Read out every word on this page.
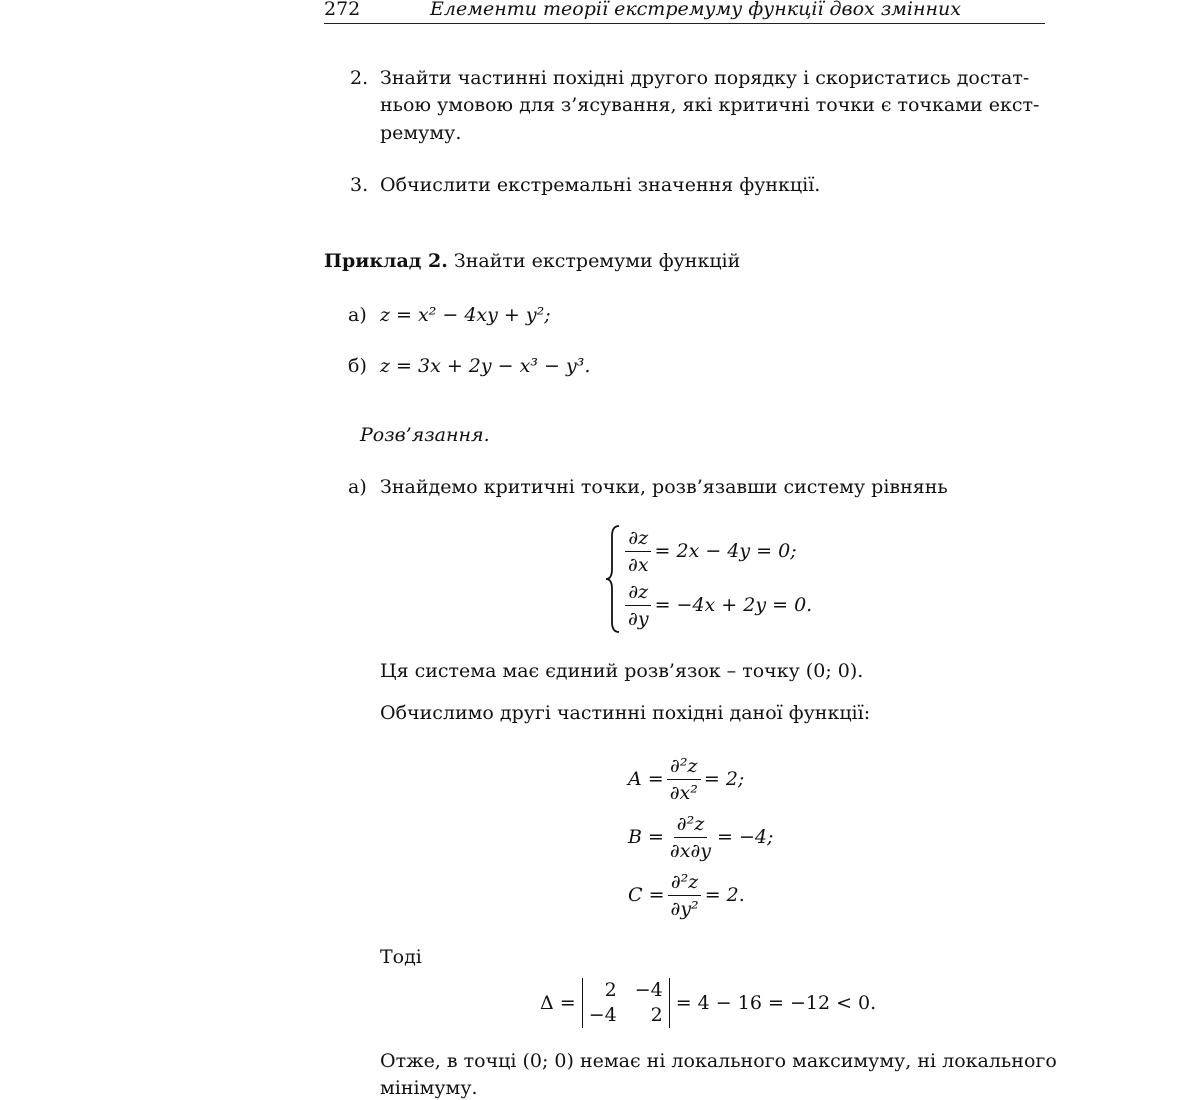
272	Елементи теорії екстремуму функції двох змінних
2. Знайти частинні похідні другого порядку і скористатись достат-
ньою умовою для з’ясування, які критичні точки є точками екст-
ремуму.
3. Обчислити екстремальні значення функції.
Приклад 2. Знайти екстремуми функцій
а) z = x² − 4xy + y²;
б) z = 3x + 2y − x³ − y³.
Розв’язання.
а) Знайдемо критичні точки, розв’язавши систему рівнянь
$\frac{\partial z}{\partial x} = 2x - 4y = 0$;
$\frac{\partial z}{\partial y} = -4x + 2y = 0$.
Ця система має єдиний розв’язок – точку (0; 0).
Обчислимо другі частинні похідні даної функції:
$A = \frac{\text{∂²z}}{\text{∂x²}} = 2$;
$B = \frac{\text{∂²z}}{\partial x\partial y} = -4$;
$C = \frac{\text{∂²z}}{\text{∂y²}} = 2$.
Тоді
Δ =
2 −4
−4	2
= 4 − 16 = −12 < 0.
Отже, в точці (0; 0) немає ні локального максимуму, ні локального
мінімуму.
